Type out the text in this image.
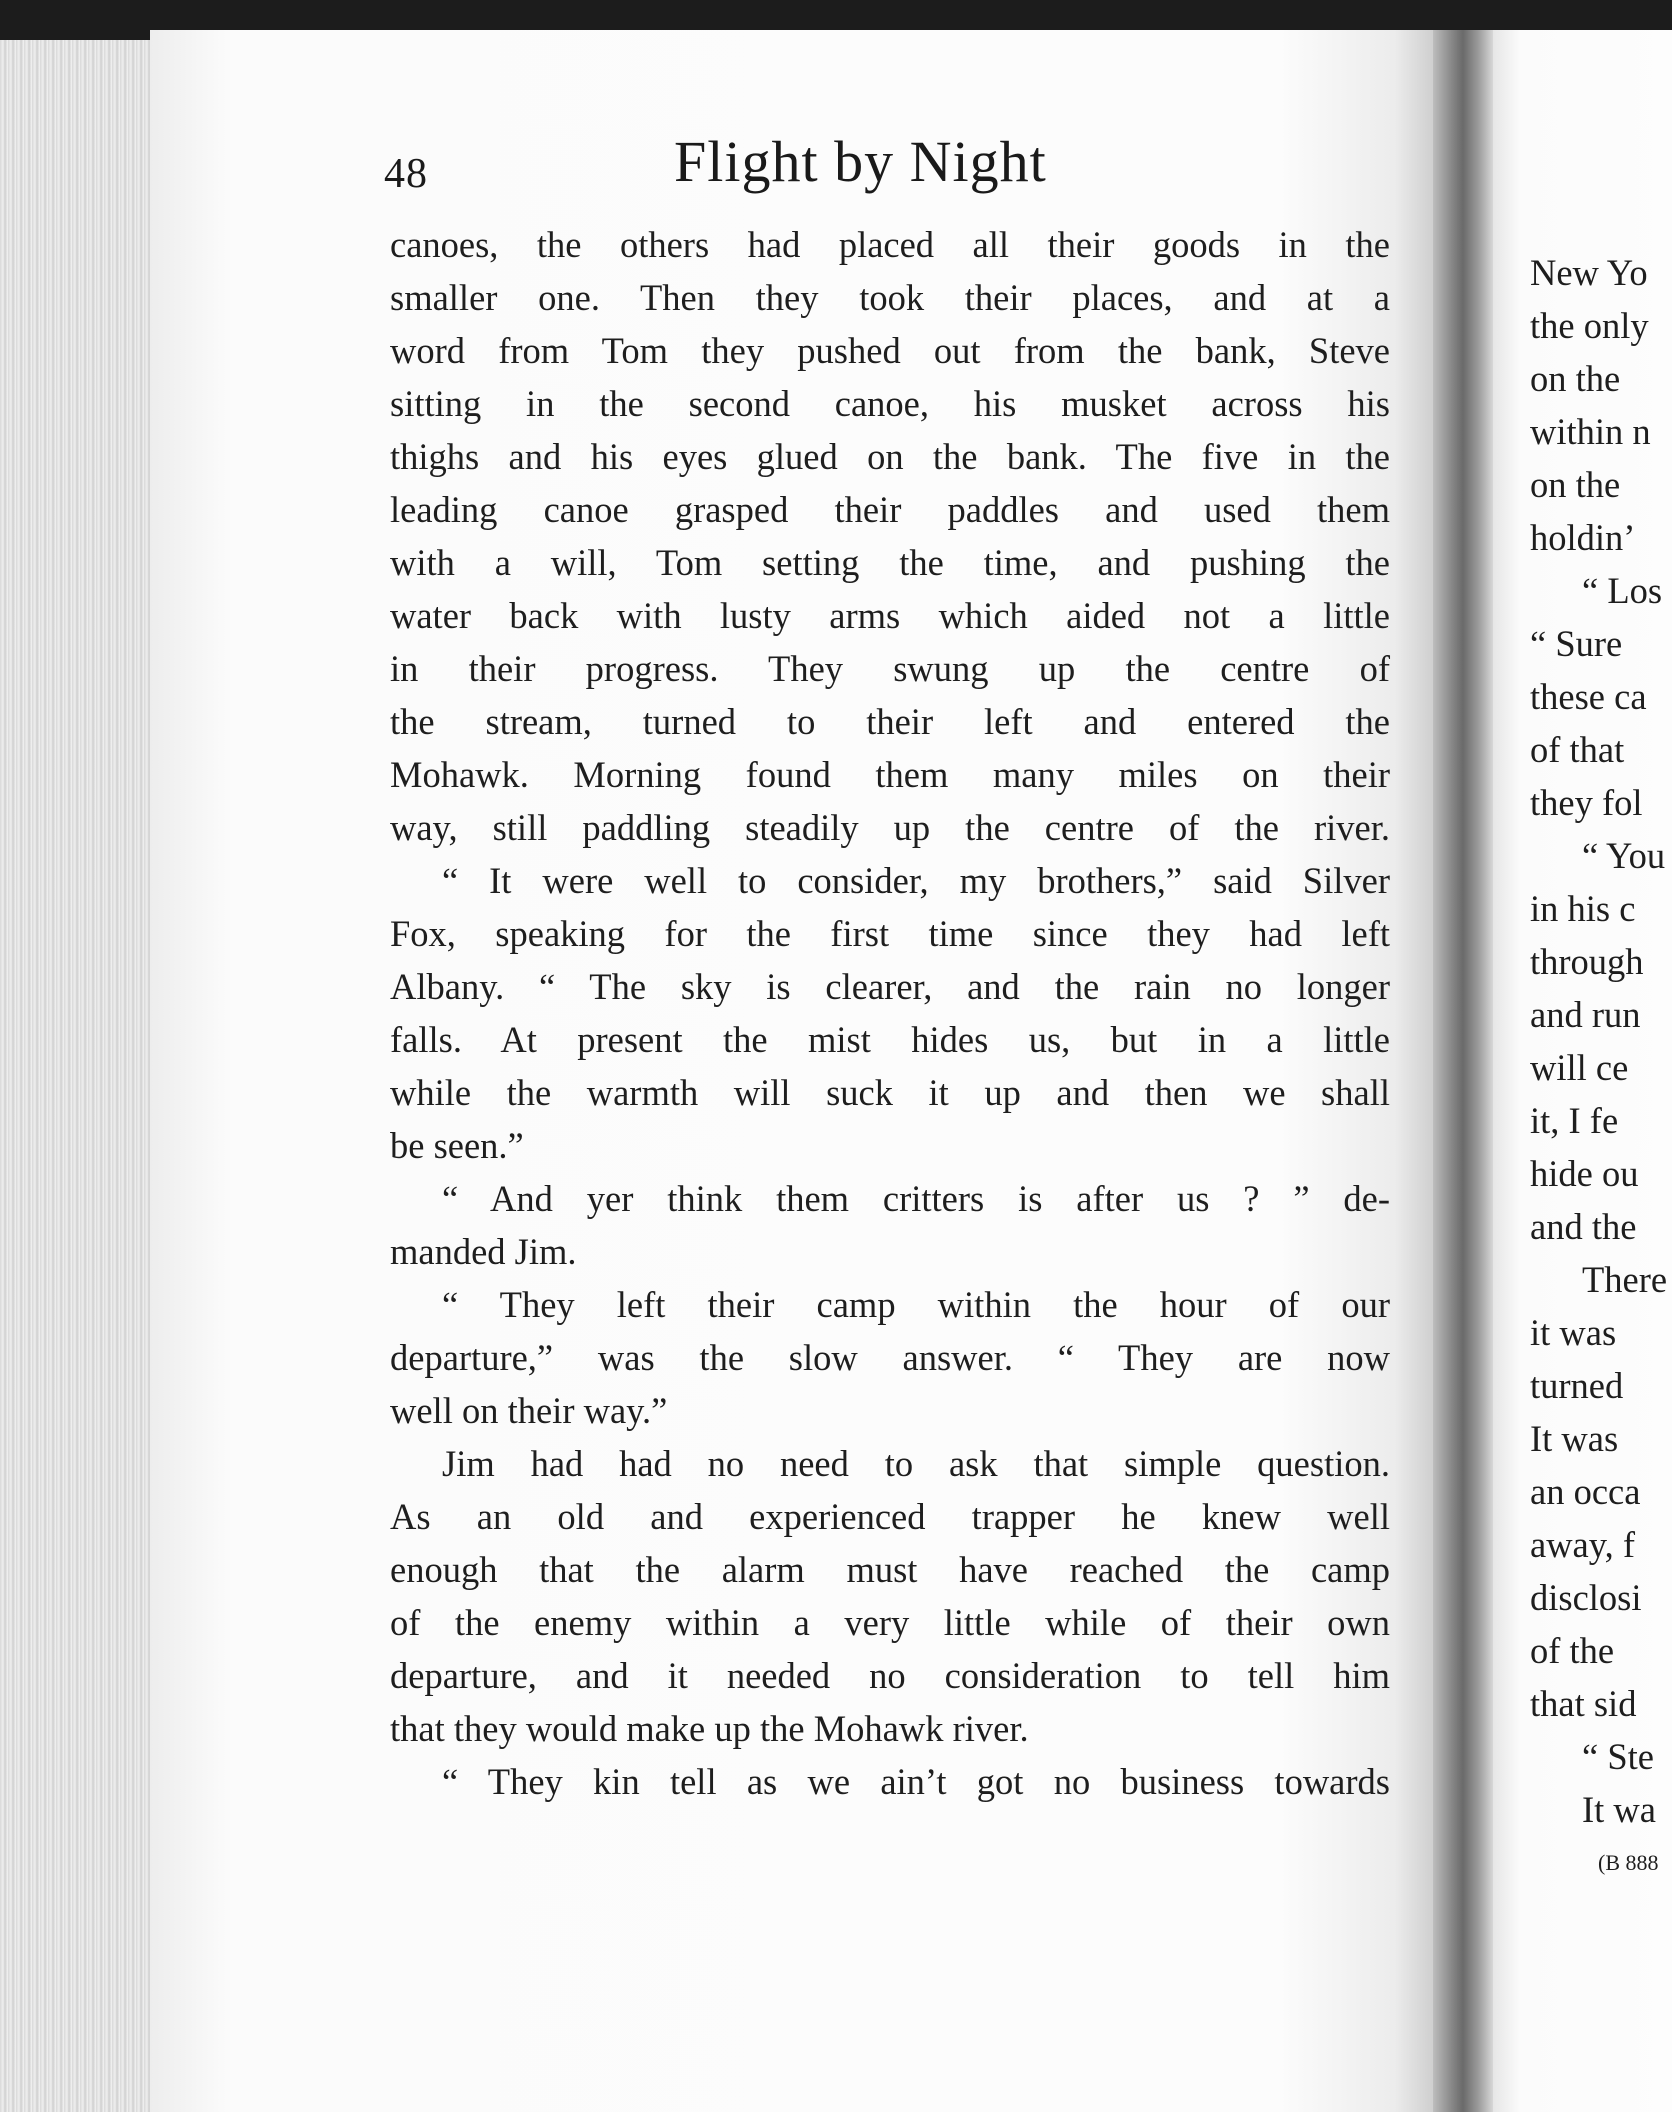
48	Flight by Night
canoes, the others had placed all their goods in the
smaller one. Then they took their places, and at a
word from Tom they pushed out from the bank, Steve
sitting in the second canoe, his musket across his
thighs and his eyes glued on the bank. The five in the
leading canoe grasped their paddles and used them
with a will, Tom setting the time, and pushing the
water back with lusty arms which aided not a little
in their progress. They swung up the centre of
the stream, turned to their left and entered the
Mohawk. Morning found them many miles on their
way, still paddling steadily up the centre of the river.
“ It were well to consider, my brothers,” said Silver
Fox, speaking for the first time since they had left
Albany. “ The sky is clearer, and the rain no longer
falls. At present the mist hides us, but in a little
while the warmth will suck it up and then we shall
be seen.”
“ And yer think them critters is after us ? ” de-
manded Jim.
“ They left their camp within the hour of our
departure,” was the slow answer. “ They are now
well on their way.”
Jim had had no need to ask that simple question.
As an old and experienced trapper he knew well
enough that the alarm must have reached the camp
of the enemy within a very little while of their own
departure, and it needed no consideration to tell him
that they would make up the Mohawk river.
“ They kin tell as we ain’t got no business towards
New Yo
the only
on the
within n
on the
holdin’
“ Los
“ Sure
these ca
of that
they fol
“ You
in his c
through
and run
will ce
it, I fe
hide ou
and the
There
it was
turned
It was
an occa
away, f
disclosi
of the
that sid
“ Ste
It wa
(B 888
